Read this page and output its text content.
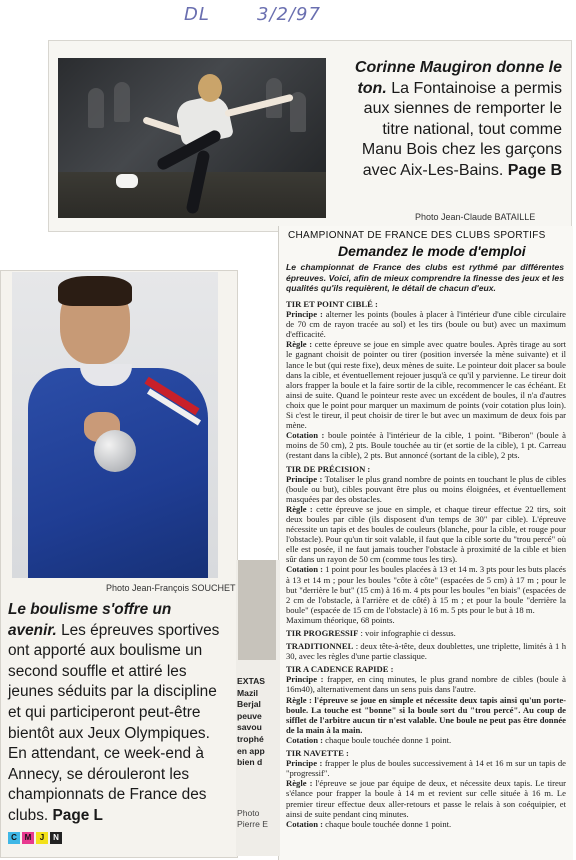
DL	3/2/97
Corinne Maugiron donne le ton. La Fontainoise a permis aux siennes de remporter le titre national, tout comme Manu Bois chez les garçons avec Aix-Les-Bains. Page B
Photo Jean-Claude BATAILLE
CHAMPIONNAT DE FRANCE DES CLUBS SPORTIFS
Demandez le mode d'emploi
Le championnat de France des clubs est rythmé par différentes épreuves. Voici, afin de mieux comprendre la finesse des jeux et les qualités qu'ils requièrent, le détail de chacun d'eux.

TIR ET POINT CIBLÉ :

Principe : alterner les points (boules à placer à l'intérieur d'une cible circulaire de 70 cm de rayon tracée au sol) et les tirs (boule ou but) avec un maximum d'efficacité.

Règle : cette épreuve se joue en simple avec quatre boules. Après tirage au sort le gagnant choisit de pointer ou tirer (position inversée la mène suivante) et il lance le but (qui reste fixe), deux mènes de suite. Le pointeur doit placer sa boule dans la cible, et éventuellement rejouer jusqu'à ce qu'il y parvienne. Le tireur doit alors frapper la boule et la faire sortir de la cible, recommencer le cas échéant. Et ainsi de suite. Quand le pointeur reste avec un excédent de boules, il n'a d'autres choix que le point pour marquer un maximum de points (voir cotation plus loin). Si c'est le tireur, il peut choisir de tirer le but avec un maximum de deux fois par mène.

Cotation : boule pointée à l'intérieur de la cible, 1 point. "Biberon" (boule à moins de 50 cm), 2 pts. Boule touchée au tir (et sortie de la cible), 1 pt. Carreau (restant dans la cible), 2 pts. But annoncé (sortant de la cible), 2 pts.

TIR DE PRÉCISION :

Principe : Totaliser le plus grand nombre de points en touchant le plus de cibles (boule ou but), cibles pouvant être plus ou moins éloignées, et éventuellement masquées par des obstacles.

Règle : cette épreuve se joue en simple, et chaque tireur effectue 22 tirs, soit deux boules par cible (ils disposent d'un temps de 30" par cible). L'épreuve nécessite un tapis et des boules de couleurs (blanche, pour la cible, et rouge pour l'obstacle). Pour qu'un tir soit valable, il faut que la cible sorte du "trou percé" où elle est posée, il ne faut jamais toucher l'obstacle à proximité de la cible et bien sûr dans un rayon de 50 cm (comme tous les tirs).

Cotation : 1 point pour les boules placées à 13 et 14 m. 3 pts pour les buts placés à 13 et 14 m ; pour les boules "côte à côte" (espacées de 5 cm) à 17 m ; pour le but "derrière le but" (15 cm) à 16 m. 4 pts pour les boules "en biais" (espacées de 2 cm de l'obstacle, à l'arrière et de côté) à 15 m ; et pour la boule "derrière la boule" (espacée de 15 cm de l'obstacle) à 16 m. 5 pts pour le but à 18 m.

Maximum théorique, 68 points.

TIR PROGRESSIF : voir infographie ci dessus.

TRADITIONNEL : deux tête-à-tête, deux doublettes, une triplette, limités à 1 h 30, avec les règles d'une partie classique.

TIR A CADENCE RAPIDE :

Principe : frapper, en cinq minutes, le plus grand nombre de cibles (boule à 16m40), alternativement dans un sens puis dans l'autre.

Règle : l'épreuve se joue en simple et nécessite deux tapis ainsi qu'un porte-boule. La touche est "bonne" si la boule sort du "trou percé". Au coup de sifflet de l'arbitre aucun tir n'est valable. Une boule ne peut pas être donnée de la main à la main.

Cotation : chaque boule touchée donne 1 point.

TIR NAVETTE :

Principe : frapper le plus de boules successivement à 14 et 16 m sur un tapis de "progressif".

Règle : l'épreuve se joue par équipe de deux, et nécessite deux tapis. Le tireur s'élance pour frapper la boule à 14 m et revient sur celle située à 16 m. Le premier tireur effectue deux aller-retours et passe le relais à son coéquipier, et ainsi de suite pendant cinq minutes.

Cotation : chaque boule touchée donne 1 point.

Photo Jean-François SOUCHET
Le boulisme s'offre un avenir. Les épreuves sportives ont apporté aux boulisme un second souffle et attiré les jeunes séduits par la discipline et qui participeront peut-être bientôt aux Jeux Olympiques. En attendant, ce week-end à Annecy, se dérouleront les championnats de France des clubs. Page L
C M	J	N
EXTAS
Mazil
Berjal
peuve
savou
trophé
en app
bien d
Photo
Pierre E
